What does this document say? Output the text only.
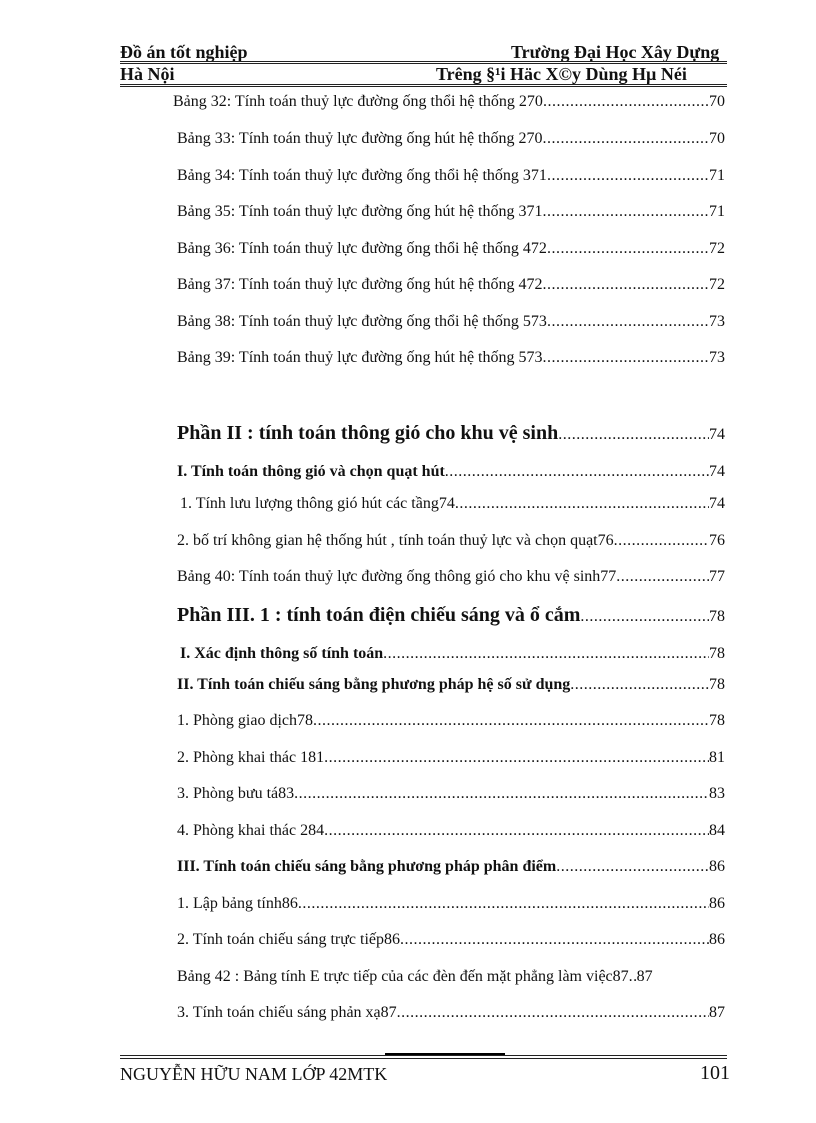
Đồ án tốt nghiệp	Trường Đại Học Xây Dựng
Hà Nội	Trêng §¹i Häc X©y Dùng Hµ Néi
Bảng 32: Tính toán thuỷ lực đường ống thổi hệ thống 270 .....	70
Bảng 33: Tính toán thuỷ lực đường ống hút hệ thống 270 .....	70
Bảng 34: Tính toán thuỷ lực đường ống thổi hệ thống 371 .....	71
Bảng 35: Tính toán thuỷ lực đường ống hút hệ thống 371 .....	71
Bảng 36: Tính toán thuỷ lực đường ống thổi hệ thống 472 .....	72
Bảng 37: Tính toán thuỷ lực đường ống hút hệ thống 472 .....	72
Bảng 38: Tính toán thuỷ lực đường ống thổi hệ thống 573 .....	73
Bảng 39: Tính toán thuỷ lực đường ống hút hệ thống 573 .....	73
Phần II : tính toán thông gió cho khu vệ sinh .....	74
I. Tính toán thông gió và chọn quạt hút .....	74
1. Tính lưu lượng thông gió hút các tầng74 .....	74
2. bố trí không gian hệ thống hút , tính toán thuỷ lực và chọn quạt76 .....	76
Bảng 40: Tính toán thuỷ lực đường ống thông gió cho khu vệ sinh77 .....	77
Phần III. 1 : tính toán điện chiếu sáng và ổ cắm .....	78
I. Xác định thông số tính toán .....	78
II. Tính toán chiếu sáng bằng phương pháp hệ số sử dụng .....	78
1. Phòng giao dịch78 .....	78
2. Phòng khai thác 181 .....	81
3. Phòng bưu tá83 .....	83
4. Phòng khai thác 284 .....	84
III. Tính toán chiếu sáng bằng phương pháp phân điểm .....	86
1. Lập bảng tính86 .....	86
2. Tính toán chiếu sáng trực tiếp86 .....	86
Bảng 42 : Bảng tính E trực tiếp của các đèn đến mặt phẳng làm việc87 ..... 87
3. Tính toán chiếu sáng phản xạ87 .....	87
NGUYỄN HỮU NAM LỚP 42MTK	101
